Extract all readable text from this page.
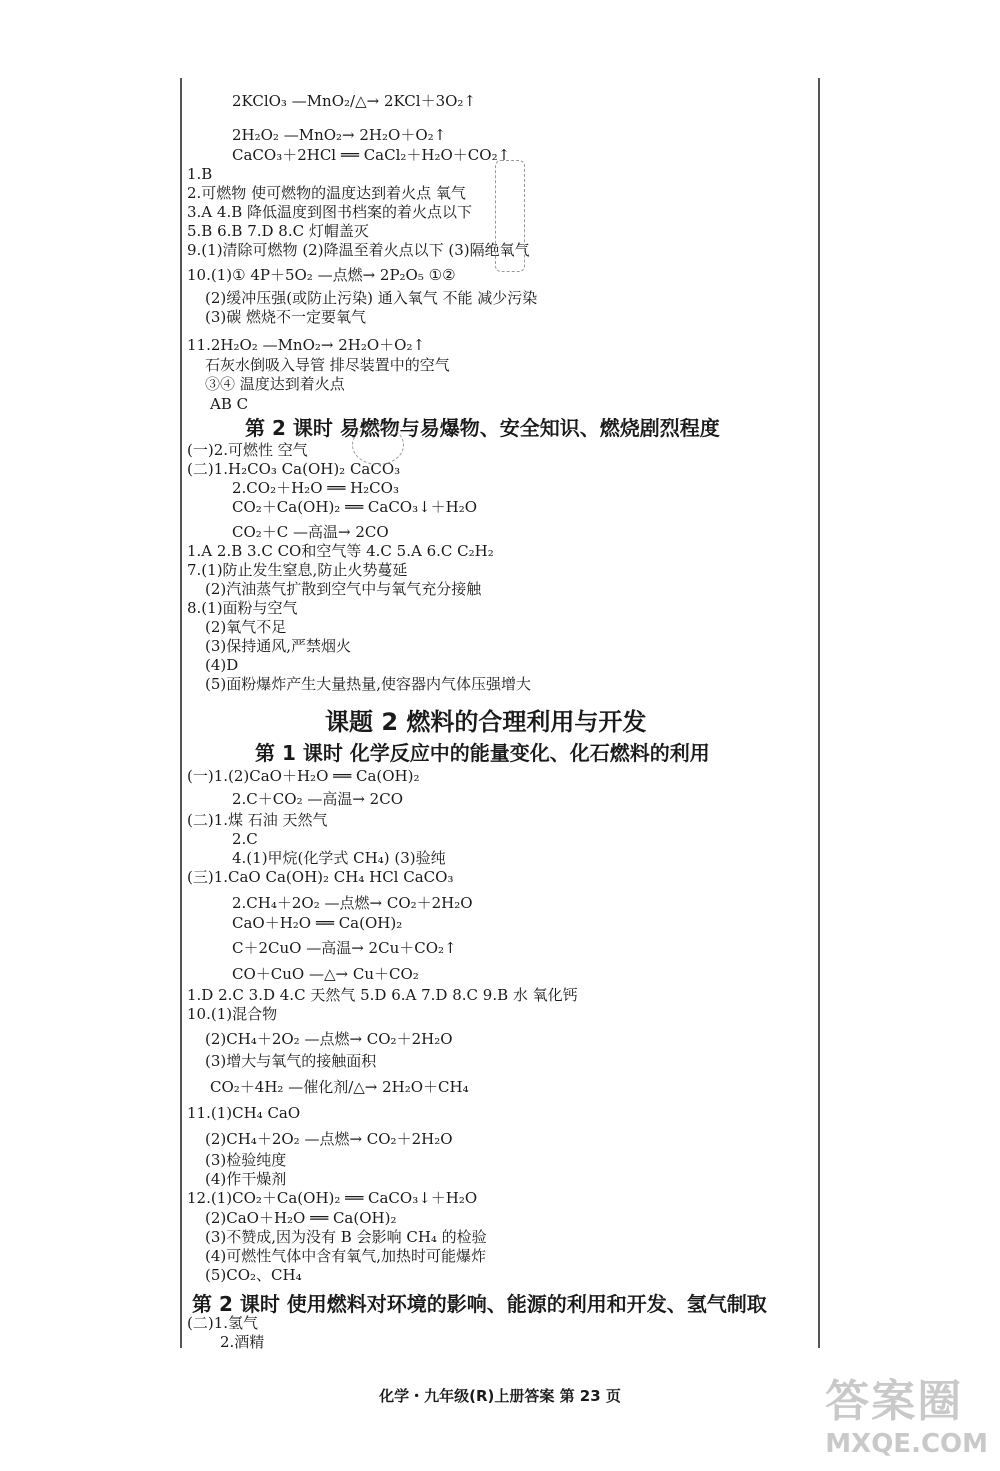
2KClO₃ —MnO₂/△→ 2KCl＋3O₂↑
2H₂O₂ —MnO₂→ 2H₂O＋O₂↑
CaCO₃＋2HCl ══ CaCl₂＋H₂O＋CO₂↑
1.B
2.可燃物 使可燃物的温度达到着火点 氧气
3.A 4.B 降低温度到图书档案的着火点以下
5.B 6.B 7.D 8.C 灯帽盖灭
9.(1)清除可燃物 (2)降温至着火点以下 (3)隔绝氧气
10.(1)① 4P＋5O₂ —点燃→ 2P₂O₅ ①②
(2)缓冲压强(或防止污染) 通入氧气 不能 减少污染
(3)碳 燃烧不一定要氧气
11.2H₂O₂ —MnO₂→ 2H₂O＋O₂↑
石灰水倒吸入导管 排尽装置中的空气
③④ 温度达到着火点
AB C
第 2 课时 易燃物与易爆物、安全知识、燃烧剧烈程度
(一)2.可燃性 空气
(二)1.H₂CO₃ Ca(OH)₂ CaCO₃
2.CO₂＋H₂O ══ H₂CO₃
CO₂＋Ca(OH)₂ ══ CaCO₃↓＋H₂O
CO₂＋C —高温→ 2CO
1.A 2.B 3.C CO和空气等 4.C 5.A 6.C C₂H₂
7.(1)防止发生窒息,防止火势蔓延
(2)汽油蒸气扩散到空气中与氧气充分接触
8.(1)面粉与空气
(2)氧气不足
(3)保持通风,严禁烟火
(4)D
(5)面粉爆炸产生大量热量,使容器内气体压强增大
课题 2 燃料的合理利用与开发
第 1 课时 化学反应中的能量变化、化石燃料的利用
(一)1.(2)CaO＋H₂O ══ Ca(OH)₂
2.C＋CO₂ —高温→ 2CO
(二)1.煤 石油 天然气
2.C
4.(1)甲烷(化学式 CH₄) (3)验纯
(三)1.CaO Ca(OH)₂ CH₄ HCl CaCO₃
2.CH₄＋2O₂ —点燃→ CO₂＋2H₂O
CaO＋H₂O ══ Ca(OH)₂
C＋2CuO —高温→ 2Cu＋CO₂↑
CO＋CuO —△→ Cu＋CO₂
1.D 2.C 3.D 4.C 天然气 5.D 6.A 7.D 8.C 9.B 水 氧化钙
10.(1)混合物
(2)CH₄＋2O₂ —点燃→ CO₂＋2H₂O
(3)增大与氧气的接触面积
CO₂＋4H₂ —催化剂/△→ 2H₂O＋CH₄
11.(1)CH₄ CaO
(2)CH₄＋2O₂ —点燃→ CO₂＋2H₂O
(3)检验纯度
(4)作干燥剂
12.(1)CO₂＋Ca(OH)₂ ══ CaCO₃↓＋H₂O
(2)CaO＋H₂O ══ Ca(OH)₂
(3)不赞成,因为没有 B 会影响 CH₄ 的检验
(4)可燃性气体中含有氧气,加热时可能爆炸
(5)CO₂、CH₄
第 2 课时 使用燃料对环境的影响、能源的利用和开发、氢气制取
(二)1.氢气
2.酒精
化学・九年级(R)上册答案 第 23 页	答案圈
MXQE.COM
